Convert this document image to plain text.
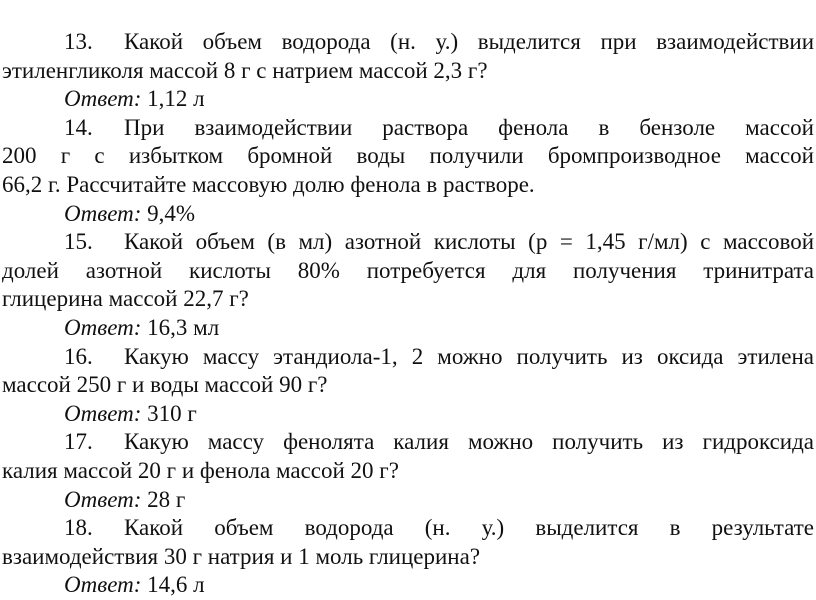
13. Какой объем водорода (н. у.) выделится при взаимодействии
этиленгликоля массой 8 г с натрием массой 2,3 г?
Ответ: 1,12 л
14. При взаимодействии раствора фенола в бензоле массой
200 г с избытком бромной воды получили бромпроизводное массой
66,2 г. Рассчитайте массовую долю фенола в растворе.
Ответ: 9,4%
15. Какой объем (в мл) азотной кислоты (р = 1,45 г/мл) с массовой
долей азотной кислоты 80% потребуется для получения тринитрата
глицерина массой 22,7 г?
Ответ: 16,3 мл
16. Какую массу этандиола-1, 2 можно получить из оксида этилена
массой 250 г и воды массой 90 г?
Ответ: 310 г
17. Какую массу фенолята калия можно получить из гидроксида
калия массой 20 г и фенола массой 20 г?
Ответ: 28 г
18. Какой объем водорода (н. у.) выделится в результате
взаимодействия 30 г натрия и 1 моль глицерина?
Ответ: 14,6 л
